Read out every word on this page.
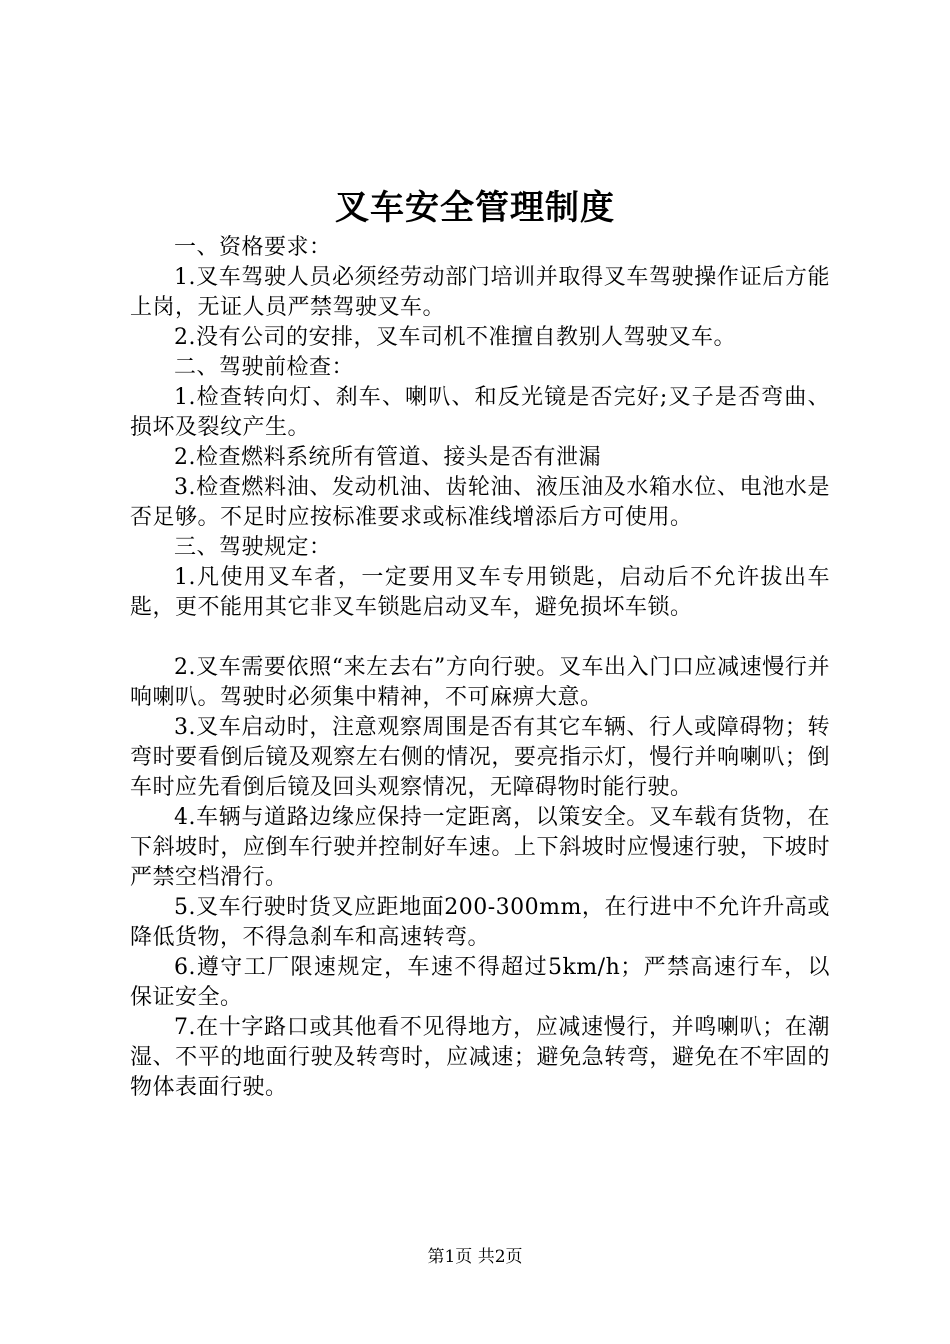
叉车安全管理制度

一、资格要求：

1.叉车驾驶人员必须经劳动部门培训并取得叉车驾驶操作证后方能上岗，无证人员严禁驾驶叉车。

2.没有公司的安排，叉车司机不准擅自教别人驾驶叉车。

二、驾驶前检查：

1.检查转向灯、刹车、喇叭、和反光镜是否完好;叉子是否弯曲、损坏及裂纹产生。

2.检查燃料系统所有管道、接头是否有泄漏

3.检查燃料油、发动机油、齿轮油、液压油及水箱水位、电池水是否足够。不足时应按标准要求或标准线增添后方可使用。

三、驾驶规定：

1.凡使用叉车者，一定要用叉车专用锁匙，启动后不允许拔出车匙，更不能用其它非叉车锁匙启动叉车，避免损坏车锁。

2.叉车需要依照“来左去右”方向行驶。叉车出入门口应减速慢行并响喇叭。驾驶时必须集中精神，不可麻痹大意。

3.叉车启动时，注意观察周围是否有其它车辆、行人或障碍物；转弯时要看倒后镜及观察左右侧的情况，要亮指示灯，慢行并响喇叭；倒车时应先看倒后镜及回头观察情况，无障碍物时能行驶。

4.车辆与道路边缘应保持一定距离，以策安全。叉车载有货物，在下斜坡时，应倒车行驶并控制好车速。上下斜坡时应慢速行驶，下坡时严禁空档滑行。

5.叉车行驶时货叉应距地面200-300mm，在行进中不允许升高或降低货物，不得急刹车和高速转弯。

6.遵守工厂限速规定，车速不得超过5km/h；严禁高速行车，以保证安全。

7.在十字路口或其他看不见得地方，应减速慢行，并鸣喇叭；在潮湿、不平的地面行驶及转弯时，应减速；避免急转弯，避免在不牢固的物体表面行驶。

第1页 共2页
